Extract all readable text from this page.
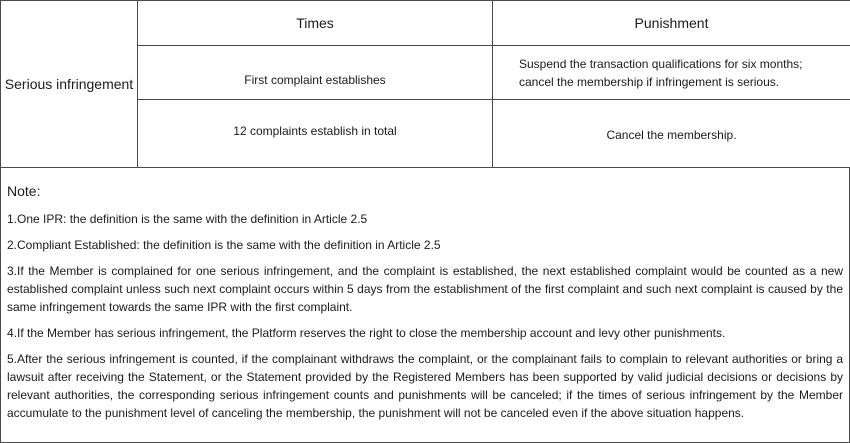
Serious infringement	Times	Punishment
	First complaint establishes	Suspend the transaction qualifications for six months;
cancel the membership if infringement is serious.

	12 complaints establish in total	Cancel the membership.
Note:

1.One IPR: the definition is the same with the definition in Article 2.5

2.Compliant Established: the definition is the same with the definition in Article 2.5

3.If the Member is complained for one serious infringement, and the complaint is established, the next established complaint would be counted as a new established complaint unless such next complaint occurs within 5 days from the establishment of the first complaint and such next complaint is caused by the same infringement towards the same IPR with the first complaint.

4.If the Member has serious infringement, the Platform reserves the right to close the membership account and levy other punishments.

5.After the serious infringement is counted, if the complainant withdraws the complaint, or the complainant fails to complain to relevant authorities or bring a lawsuit after receiving the Statement, or the Statement provided by the Registered Members has been supported by valid judicial decisions or decisions by relevant authorities, the corresponding serious infringement counts and punishments will be canceled; if the times of serious infringement by the Member accumulate to the punishment level of canceling the membership, the punishment will not be canceled even if the above situation happens.
